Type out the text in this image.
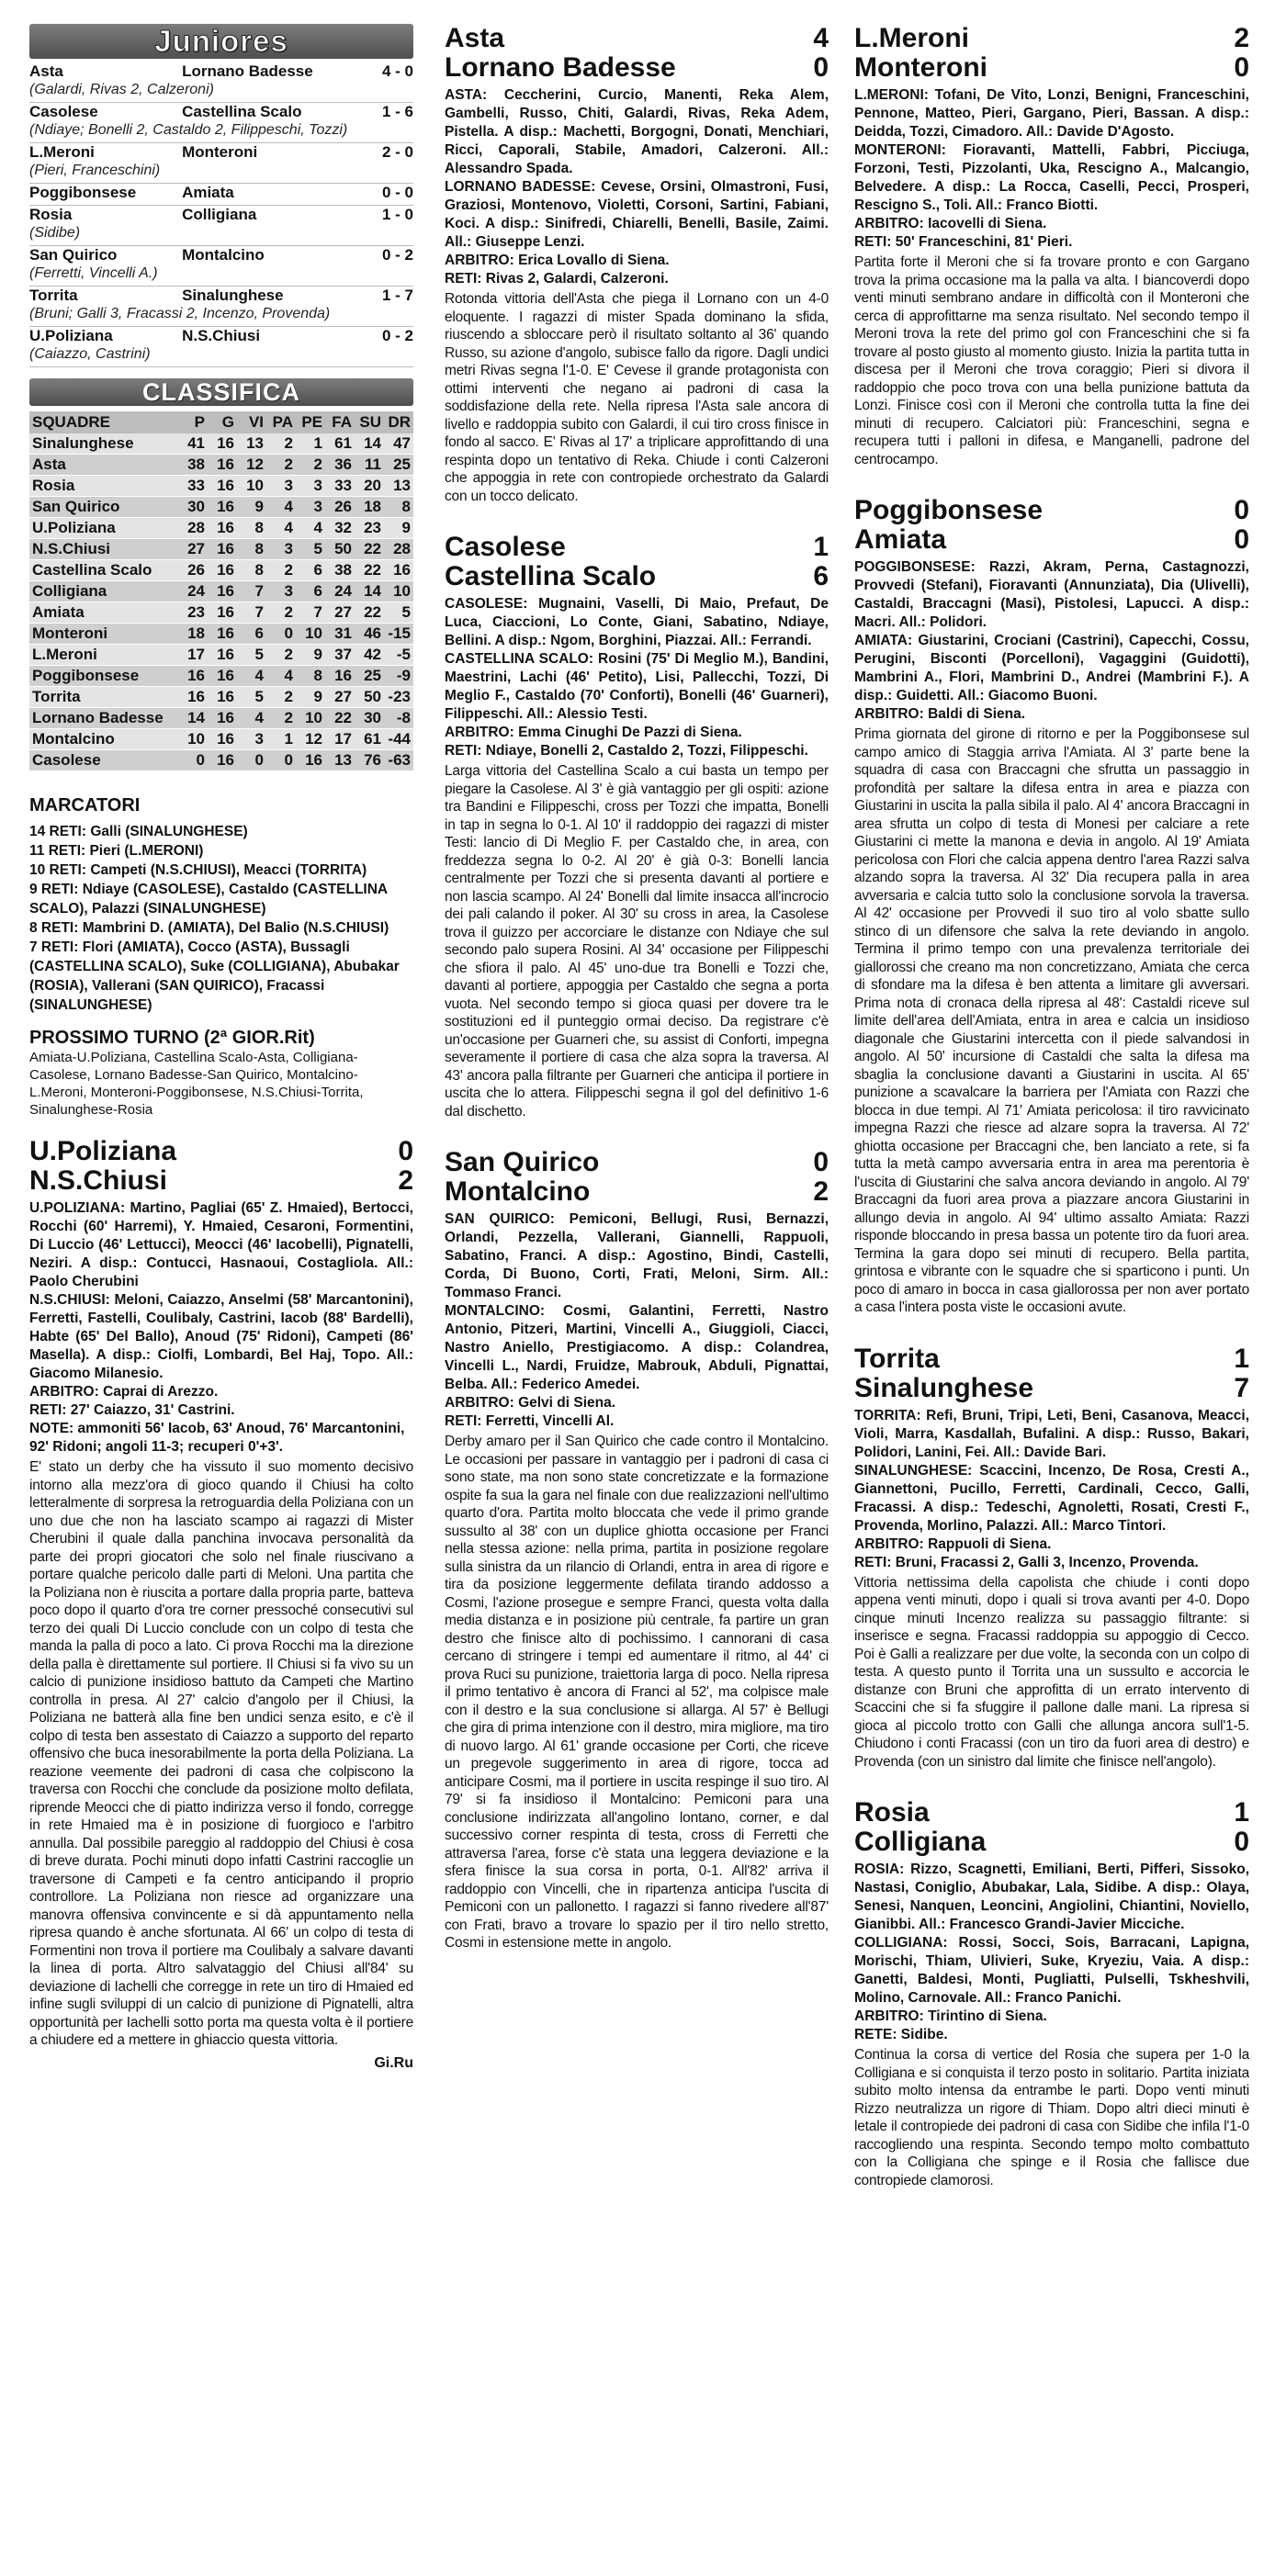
Juniores
Asta	Lornano Badesse	4 - 0
(Galardi, Rivas 2, Calzeroni)		
Casolese	Castellina Scalo	1 - 6
(Ndiaye; Bonelli 2, Castaldo 2, Filippeschi, Tozzi)		
L.Meroni	Monteroni	2 - 0
(Pieri, Franceschini)		
Poggibonsese	Amiata	0 - 0

Rosia	Colligiana	1 - 0
(Sidibe)		
San Quirico	Montalcino	0 - 2
(Ferretti, Vincelli A.)		
Torrita	Sinalunghese	1 - 7
(Bruni; Galli 3, Fracassi 2, Incenzo, Provenda)		
U.Poliziana	N.S.Chiusi	0 - 2
(Caiazzo, Castrini)		
CLASSIFICA
SQUADRE	P	G	VI	PA	PE	FA	SU	DR
Sinalunghese	41	16	13	2	1	61	14	47
Asta	38	16	12	2	2	36	11	25
Rosia	33	16	10	3	3	33	20	13
San Quirico	30	16	9	4	3	26	18	8
U.Poliziana	28	16	8	4	4	32	23	9
N.S.Chiusi	27	16	8	3	5	50	22	28
Castellina Scalo	26	16	8	2	6	38	22	16
Colligiana	24	16	7	3	6	24	14	10
Amiata	23	16	7	2	7	27	22	5
Monteroni	18	16	6	0	10	31	46	-15
L.Meroni	17	16	5	2	9	37	42	-5
Poggibonsese	16	16	4	4	8	16	25	-9
Torrita	16	16	5	2	9	27	50	-23
Lornano Badesse	14	16	4	2	10	22	30	-8
Montalcino	10	16	3	1	12	17	61	-44
Casolese	0	16	0	0	16	13	76	-63
MARCATORI
14 RETI: Galli (SINALUNGHESE)
11 RETI: Pieri (L.MERONI)
10 RETI: Campeti (N.S.CHIUSI), Meacci (TORRITA)
9 RETI: Ndiaye (CASOLESE), Castaldo (CASTELLINA SCALO), Palazzi (SINALUNGHESE)
8 RETI: Mambrini D. (AMIATA), Del Balio (N.S.CHIUSI)
7 RETI: Flori (AMIATA), Cocco (ASTA), Bussagli (CASTELLINA SCALO), Suke (COLLIGIANA), Abubakar (ROSIA), Vallerani (SAN QUIRICO), Fracassi (SINALUNGHESE)
PROSSIMO TURNO (2ª GIOR.Rit)
Amiata-U.Poliziana, Castellina Scalo-Asta, Colligiana-Casolese, Lornano Badesse-San Quirico, Montalcino-L.Meroni, Monteroni-Poggibonsese, N.S.Chiusi-Torrita, Sinalunghese-Rosia
U.Poliziana	0
N.S.Chiusi	2
U.POLIZIANA: Martino, Pagliai (65' Z. Hmaied), Bertocci, Rocchi (60' Harremi), Y. Hmaied, Cesaroni, Formentini, Di Luccio (46' Lettucci), Meocci (46' Iacobelli), Pignatelli, Neziri. A disp.: Contucci, Hasnaoui, Costagliola. All.: Paolo Cherubini
N.S.CHIUSI: Meloni, Caiazzo, Anselmi (58' Marcantonini), Ferretti, Fastelli, Coulibaly, Castrini, Iacob (88' Bardelli), Habte (65' Del Ballo), Anoud (75' Ridoni), Campeti (86' Masella). A disp.: Ciolfi, Lombardi, Bel Haj, Topo. All.: Giacomo Milanesio.
ARBITRO: Caprai di Arezzo.
RETI: 27' Caiazzo, 31' Castrini.
NOTE: ammoniti 56' Iacob, 63' Anoud, 76' Marcantonini, 92' Ridoni; angoli 11-3; recuperi 0'+3'.
E' stato un derby che ha vissuto il suo momento decisivo intorno alla mezz'ora di gioco quando il Chiusi ha colto letteralmente di sorpresa la retroguardia della Poliziana con un uno due che non ha lasciato scampo ai ragazzi di Mister Cherubini il quale dalla panchina invocava personalità da parte dei propri giocatori che solo nel finale riuscivano a portare qualche pericolo dalle parti di Meloni. Una partita che la Poliziana non è riuscita a portare dalla propria parte, batteva poco dopo il quarto d'ora tre corner pressoché consecutivi sul terzo dei quali Di Luccio conclude con un colpo di testa che manda la palla di poco a lato. Ci prova Rocchi ma la direzione della palla è direttamente sul portiere. Il Chiusi si fa vivo su un calcio di punizione insidioso battuto da Campeti che Martino controlla in presa. Al 27' calcio d'angolo per il Chiusi, la Poliziana ne batterà alla fine ben undici senza esito, e c'è il colpo di testa ben assestato di Caiazzo a supporto del reparto offensivo che buca inesorabilmente la porta della Poliziana. La reazione veemente dei padroni di casa che colpiscono la traversa con Rocchi che conclude da posizione molto defilata, riprende Meocci che di piatto indirizza verso il fondo, corregge in rete Hmaied ma è in posizione di fuorgioco e l'arbitro annulla. Dal possibile pareggio al raddoppio del Chiusi è cosa di breve durata. Pochi minuti dopo infatti Castrini raccoglie un traversone di Campeti e fa centro anticipando il proprio controllore. La Poliziana non riesce ad organizzare una manovra offensiva convincente e si dà appuntamento nella ripresa quando è anche sfortunata. Al 66' un colpo di testa di Formentini non trova il portiere ma Coulibaly a salvare davanti la linea di porta. Altro salvataggio del Chiusi all'84' su deviazione di Iachelli che corregge in rete un tiro di Hmaied ed infine sugli sviluppi di un calcio di punizione di Pignatelli, altra opportunità per Iachelli sotto porta ma questa volta è il portiere a chiudere ed a mettere in ghiaccio questa vittoria.
Gi.Ru
Asta	4
Lornano Badesse	0
ASTA: Ceccherini, Curcio, Manenti, Reka Alem, Gambelli, Russo, Chiti, Galardi, Rivas, Reka Adem, Pistella. A disp.: Machetti, Borgogni, Donati, Menchiari, Ricci, Caporali, Stabile, Amadori, Calzeroni. All.: Alessandro Spada.
LORNANO BADESSE: Cevese, Orsini, Olmastroni, Fusi, Graziosi, Montenovo, Violetti, Corsoni, Sartini, Fabiani, Koci. A disp.: Sinifredi, Chiarelli, Benelli, Basile, Zaimi. All.: Giuseppe Lenzi.
ARBITRO: Erica Lovallo di Siena.
RETI: Rivas 2, Galardi, Calzeroni.
Rotonda vittoria dell'Asta che piega il Lornano con un 4-0 eloquente. I ragazzi di mister Spada dominano la sfida, riuscendo a sbloccare però il risultato soltanto al 36' quando Russo, su azione d'angolo, subisce fallo da rigore. Dagli undici metri Rivas segna l'1-0. E' Cevese il grande protagonista con ottimi interventi che negano ai padroni di casa la soddisfazione della rete. Nella ripresa l'Asta sale ancora di livello e raddoppia subito con Galardi, il cui tiro cross finisce in fondo al sacco. E' Rivas al 17' a triplicare approfittando di una respinta dopo un tentativo di Reka. Chiude i conti Calzeroni che appoggia in rete con contropiede orchestrato da Galardi con un tocco delicato.
Casolese	1
Castellina Scalo	6
CASOLESE: Mugnaini, Vaselli, Di Maio, Prefaut, De Luca, Ciaccioni, Lo Conte, Giani, Sabatino, Ndiaye, Bellini. A disp.: Ngom, Borghini, Piazzai. All.: Ferrandi.
CASTELLINA SCALO: Rosini (75' Di Meglio M.), Bandini, Maestrini, Lachi (46' Petito), Lisi, Pallecchi, Tozzi, Di Meglio F., Castaldo (70' Conforti), Bonelli (46' Guarneri), Filippeschi. All.: Alessio Testi.
ARBITRO: Emma Cinughi De Pazzi di Siena.
RETI: Ndiaye, Bonelli 2, Castaldo 2, Tozzi, Filippeschi.
Larga vittoria del Castellina Scalo a cui basta un tempo per piegare la Casolese. Al 3' è già vantaggio per gli ospiti: azione tra Bandini e Filippeschi, cross per Tozzi che impatta, Bonelli in tap in segna lo 0-1. Al 10' il raddoppio dei ragazzi di mister Testi: lancio di Di Meglio F. per Castaldo che, in area, con freddezza segna lo 0-2. Al 20' è già 0-3: Bonelli lancia centralmente per Tozzi che si presenta davanti al portiere e non lascia scampo. Al 24' Bonelli dal limite insacca all'incrocio dei pali calando il poker. Al 30' su cross in area, la Casolese trova il guizzo per accorciare le distanze con Ndiaye che sul secondo palo supera Rosini. Al 34' occasione per Filippeschi che sfiora il palo. Al 45' uno-due tra Bonelli e Tozzi che, davanti al portiere, appoggia per Castaldo che segna a porta vuota. Nel secondo tempo si gioca quasi per dovere tra le sostituzioni ed il punteggio ormai deciso. Da registrare c'è un'occasione per Guarneri che, su assist di Conforti, impegna severamente il portiere di casa che alza sopra la traversa. Al 43' ancora palla filtrante per Guarneri che anticipa il portiere in uscita che lo attera. Filippeschi segna il gol del definitivo 1-6 dal dischetto.
San Quirico	0
Montalcino	2
SAN QUIRICO: Pemiconi, Bellugi, Rusi, Bernazzi, Orlandi, Pezzella, Vallerani, Giannelli, Rappuoli, Sabatino, Franci. A disp.: Agostino, Bindi, Castelli, Corda, Di Buono, Corti, Frati, Meloni, Sirm. All.: Tommaso Franci.
MONTALCINO: Cosmi, Galantini, Ferretti, Nastro Antonio, Pitzeri, Martini, Vincelli A., Giuggioli, Ciacci, Nastro Aniello, Prestigiacomo. A disp.: Colandrea, Vincelli L., Nardi, Fruidze, Mabrouk, Abduli, Pignattai, Belba. All.: Federico Amedei.
ARBITRO: Gelvi di Siena.
RETI: Ferretti, Vincelli Al.
Derby amaro per il San Quirico che cade contro il Montalcino. Le occasioni per passare in vantaggio per i padroni di casa ci sono state, ma non sono state concretizzate e la formazione ospite fa sua la gara nel finale con due realizzazioni nell'ultimo quarto d'ora. Partita molto bloccata che vede il primo grande sussulto al 38' con un duplice ghiotta occasione per Franci nella stessa azione: nella prima, partita in posizione regolare sulla sinistra da un rilancio di Orlandi, entra in area di rigore e tira da posizione leggermente defilata tirando addosso a Cosmi, l'azione prosegue e sempre Franci, questa volta dalla media distanza e in posizione più centrale, fa partire un gran destro che finisce alto di pochissimo. I cannorani di casa cercano di stringere i tempi ed aumentare il ritmo, al 44' ci prova Ruci su punizione, traiettoria larga di poco. Nella ripresa il primo tentativo è ancora di Franci al 52', ma colpisce male con il destro e la sua conclusione si allarga. Al 57' è Bellugi che gira di prima intenzione con il destro, mira migliore, ma tiro di nuovo largo. Al 61' grande occasione per Corti, che riceve un pregevole suggerimento in area di rigore, tocca ad anticipare Cosmi, ma il portiere in uscita respinge il suo tiro. Al 79' si fa insidioso il Montalcino: Pemiconi para una conclusione indirizzata all'angolino lontano, corner, e dal successivo corner respinta di testa, cross di Ferretti che attraversa l'area, forse c'è stata una leggera deviazione e la sfera finisce la sua corsa in porta, 0-1. All'82' arriva il raddoppio con Vincelli, che in ripartenza anticipa l'uscita di Pemiconi con un pallonetto. I ragazzi si fanno rivedere all'87' con Frati, bravo a trovare lo spazio per il tiro nello stretto, Cosmi in estensione mette in angolo.
L.Meroni	2
Monteroni	0
L.MERONI: Tofani, De Vito, Lonzi, Benigni, Franceschini, Pennone, Matteo, Pieri, Gargano, Pieri, Bassan. A disp.: Deidda, Tozzi, Cimadoro. All.: Davide D'Agosto.
MONTERONI: Fioravanti, Mattelli, Fabbri, Picciuga, Forzoni, Testi, Pizzolanti, Uka, Rescigno A., Malcangio, Belvedere. A disp.: La Rocca, Caselli, Pecci, Prosperi, Rescigno S., Toli. All.: Franco Biotti.
ARBITRO: Iacovelli di Siena.
RETI: 50' Franceschini, 81' Pieri.
Partita forte il Meroni che si fa trovare pronto e con Gargano trova la prima occasione ma la palla va alta. I biancoverdi dopo venti minuti sembrano andare in difficoltà con il Monteroni che cerca di approfittarne ma senza risultato. Nel secondo tempo il Meroni trova la rete del primo gol con Franceschini che si fa trovare al posto giusto al momento giusto. Inizia la partita tutta in discesa per il Meroni che trova coraggio; Pieri si divora il raddoppio che poco trova con una bella punizione battuta da Lonzi. Finisce così con il Meroni che controlla tutta la fine dei minuti di recupero. Calciatori più: Franceschini, segna e recupera tutti i palloni in difesa, e Manganelli, padrone del centrocampo.
Poggibonsese	0
Amiata	0
POGGIBONSESE: Razzi, Akram, Perna, Castagnozzi, Provvedi (Stefani), Fioravanti (Annunziata), Dia (Ulivelli), Castaldi, Braccagni (Masi), Pistolesi, Lapucci. A disp.: Macri. All.: Polidori.
AMIATA: Giustarini, Crociani (Castrini), Capecchi, Cossu, Perugini, Bisconti (Porcelloni), Vagaggini (Guidotti), Mambrini A., Flori, Mambrini D., Andrei (Mambrini F.). A disp.: Guidetti. All.: Giacomo Buoni.
ARBITRO: Baldi di Siena.
Prima giornata del girone di ritorno e per la Poggibonsese sul campo amico di Staggia arriva l'Amiata. Al 3' parte bene la squadra di casa con Braccagni che sfrutta un passaggio in profondità per saltare la difesa entra in area e piazza con Giustarini in uscita la palla sibila il palo. Al 4' ancora Braccagni in area sfrutta un colpo di testa di Monesi per calciare a rete Giustarini ci mette la manona e devia in angolo. Al 19' Amiata pericolosa con Flori che calcia appena dentro l'area Razzi salva alzando sopra la traversa. Al 32' Dia recupera palla in area avversaria e calcia tutto solo la conclusione sorvola la traversa. Al 42' occasione per Provvedi il suo tiro al volo sbatte sullo stinco di un difensore che salva la rete deviando in angolo. Termina il primo tempo con una prevalenza territoriale dei giallorossi che creano ma non concretizzano, Amiata che cerca di sfondare ma la difesa è ben attenta a limitare gli avversari. Prima nota di cronaca della ripresa al 48': Castaldi riceve sul limite dell'area dell'Amiata, entra in area e calcia un insidioso diagonale che Giustarini intercetta con il piede salvandosi in angolo. Al 50' incursione di Castaldi che salta la difesa ma sbaglia la conclusione davanti a Giustarini in uscita. Al 65' punizione a scavalcare la barriera per l'Amiata con Razzi che blocca in due tempi. Al 71' Amiata pericolosa: il tiro ravvicinato impegna Razzi che riesce ad alzare sopra la traversa. Al 72' ghiotta occasione per Braccagni che, ben lanciato a rete, si fa tutta la metà campo avversaria entra in area ma perentoria è l'uscita di Giustarini che salva ancora deviando in angolo. Al 79' Braccagni da fuori area prova a piazzare ancora Giustarini in allungo devia in angolo. Al 94' ultimo assalto Amiata: Razzi risponde bloccando in presa bassa un potente tiro da fuori area. Termina la gara dopo sei minuti di recupero. Bella partita, grintosa e vibrante con le squadre che si sparticono i punti. Un poco di amaro in bocca in casa giallorossa per non aver portato a casa l'intera posta viste le occasioni avute.
Torrita	1
Sinalunghese	7
TORRITA: Refi, Bruni, Tripi, Leti, Beni, Casanova, Meacci, Violi, Marra, Kasdallah, Bufalini. A disp.: Russo, Bakari, Polidori, Lanini, Fei. All.: Davide Bari.
SINALUNGHESE: Scaccini, Incenzo, De Rosa, Cresti A., Giannettoni, Pucillo, Ferretti, Cardinali, Cecco, Galli, Fracassi. A disp.: Tedeschi, Agnoletti, Rosati, Cresti F., Provenda, Morlino, Palazzi. All.: Marco Tintori.
ARBITRO: Rappuoli di Siena.
RETI: Bruni, Fracassi 2, Galli 3, Incenzo, Provenda.
Vittoria nettissima della capolista che chiude i conti dopo appena venti minuti, dopo i quali si trova avanti per 4-0. Dopo cinque minuti Incenzo realizza su passaggio filtrante: si inserisce e segna. Fracassi raddoppia su appoggio di Cecco. Poi è Galli a realizzare per due volte, la seconda con un colpo di testa. A questo punto il Torrita una un sussulto e accorcia le distanze con Bruni che approfitta di un errato intervento di Scaccini che si fa sfuggire il pallone dalle mani. La ripresa si gioca al piccolo trotto con Galli che allunga ancora sull'1-5. Chiudono i conti Fracassi (con un tiro da fuori area di destro) e Provenda (con un sinistro dal limite che finisce nell'angolo).
Rosia	1
Colligiana	0
ROSIA: Rizzo, Scagnetti, Emiliani, Berti, Pifferi, Sissoko, Nastasi, Coniglio, Abubakar, Lala, Sidibe. A disp.: Olaya, Senesi, Nanquen, Leoncini, Angiolini, Chiantini, Noviello, Gianibbi. All.: Francesco Grandi-Javier Micciche.
COLLIGIANA: Rossi, Socci, Sois, Barracani, Lapigna, Morischi, Thiam, Ulivieri, Suke, Kryeziu, Vaia. A disp.: Ganetti, Baldesi, Monti, Pugliatti, Pulselli, Tskheshvili, Molino, Carnovale. All.: Franco Panichi.
ARBITRO: Tirintino di Siena.
RETE: Sidibe.
Continua la corsa di vertice del Rosia che supera per 1-0 la Colligiana e si conquista il terzo posto in solitario. Partita iniziata subito molto intensa da entrambe le parti. Dopo venti minuti Rizzo neutralizza un rigore di Thiam. Dopo altri dieci minuti è letale il contropiede dei padroni di casa con Sidibe che infila l'1-0 raccogliendo una respinta. Secondo tempo molto combattuto con la Colligiana che spinge e il Rosia che fallisce due contropiede clamorosi.
